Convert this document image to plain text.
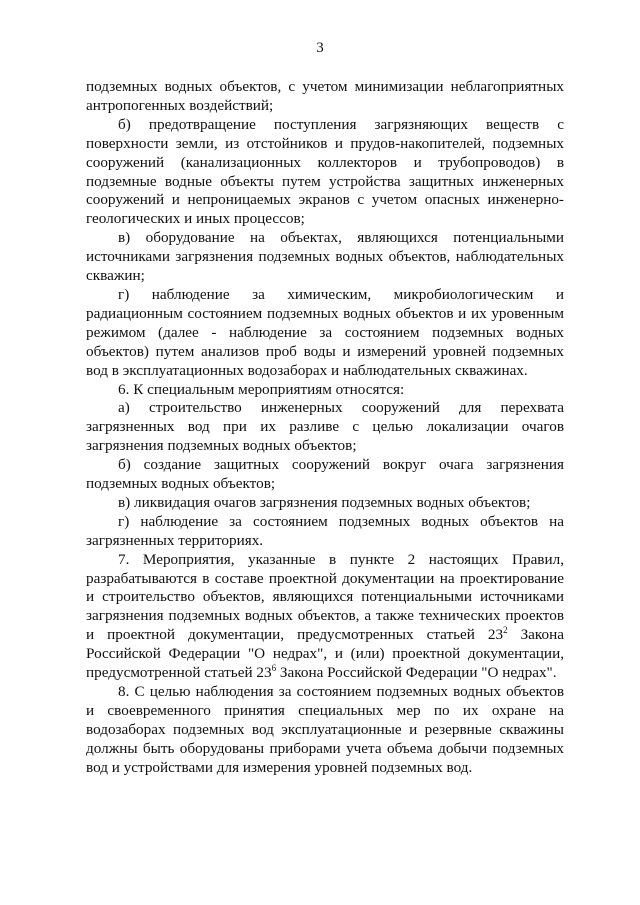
3

подземных водных объектов, с учетом минимизации неблагоприятных антропогенных воздействий;

б) предотвращение поступления загрязняющих веществ с поверхности земли, из отстойников и прудов-накопителей, подземных сооружений (канализационных коллекторов и трубопроводов) в подземные водные объекты путем устройства защитных инженерных сооружений и непроницаемых экранов с учетом опасных инженерно-геологических и иных процессов;

в) оборудование на объектах, являющихся потенциальными источниками загрязнения подземных водных объектов, наблюдательных скважин;

г) наблюдение за химическим, микробиологическим и радиационным состоянием подземных водных объектов и их уровенным режимом (далее - наблюдение за состоянием подземных водных объектов) путем анализов проб воды и измерений уровней подземных вод в эксплуатационных водозаборах и наблюдательных скважинах.

6. К специальным мероприятиям относятся:

а) строительство инженерных сооружений для перехвата загрязненных вод при их разливе с целью локализации очагов загрязнения подземных водных объектов;

б) создание защитных сооружений вокруг очага загрязнения подземных водных объектов;

в) ликвидация очагов загрязнения подземных водных объектов;

г) наблюдение за состоянием подземных водных объектов на загрязненных территориях.

7. Мероприятия, указанные в пункте 2 настоящих Правил, разрабатываются в составе проектной документации на проектирование и строительство объектов, являющихся потенциальными источниками загрязнения подземных водных объектов, а также технических проектов и проектной документации, предусмотренных статьей $23^2$ Закона Российской Федерации "О недрах", и (или) проектной документации, предусмотренной статьей $23^6$ Закона Российской Федерации "О недрах".

8. С целью наблюдения за состоянием подземных водных объектов и своевременного принятия специальных мер по их охране на водозаборах подземных вод эксплуатационные и резервные скважины должны быть оборудованы приборами учета объема добычи подземных вод и устройствами для измерения уровней подземных вод.
